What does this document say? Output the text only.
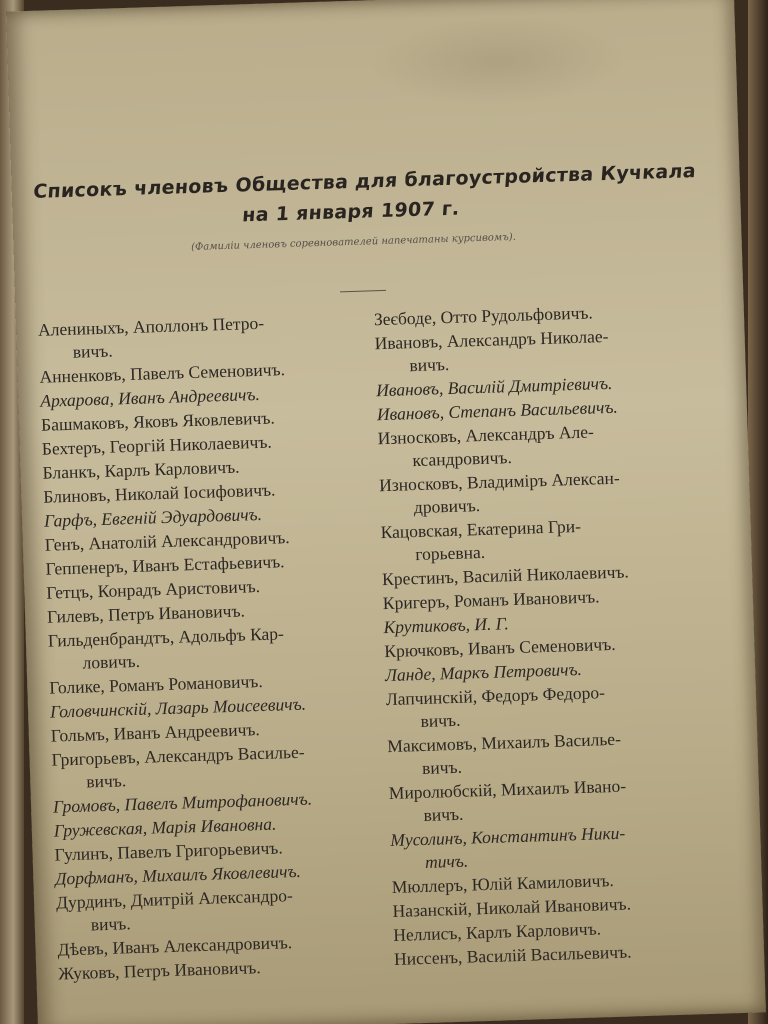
Списокъ членовъ Общества для благоустройства Кучкала
на 1 января 1907 г.
(Фамилiи членовъ соревнователей напечатаны курсивомъ).
Алениныхъ, Аполлонъ Петро-
вичъ.
Анненковъ, Павелъ Семеновичъ.
Архарова, Иванъ Андреевичъ.
Башмаковъ, Яковъ Яковлевичъ.
Бехтеръ, Георгiй Николаевичъ.
Бланкъ, Карлъ Карловичъ.
Блиновъ, Николай Iосифовичъ.
Гарфъ, Евгенiй Эдуардовичъ.
Генъ, Анатолiй Александровичъ.
Геппенеръ, Иванъ Естафьевичъ.
Гетцъ, Конрадъ Аристовичъ.
Гилевъ, Петръ Ивановичъ.
Гильденбрандтъ, Адольфъ Кар-
ловичъ.
Голике, Романъ Романовичъ.
Головчинскiй, Лазарь Моисеевичъ.
Гольмъ, Иванъ Андреевичъ.
Григорьевъ, Александръ Василье-
вичъ.
Громовъ, Павелъ Митрофановичъ.
Гружевская, Марiя Ивановна.
Гулинъ, Павелъ Григорьевичъ.
Дорфманъ, Михаилъ Яковлевичъ.
Дурдинъ, Дмитрiй Александро-
вичъ.
Дѣевъ, Иванъ Александровичъ.
Жуковъ, Петръ Ивановичъ.
Зеєбоде, Отто Рудольфовичъ.
Ивановъ, Александръ Николае-
вичъ.
Ивановъ, Василiй Дмитрiевичъ.
Ивановъ, Степанъ Васильевичъ.
Износковъ, Александръ Але-
ксандровичъ.
Износковъ, Владимiръ Алексан-
дровичъ.
Кацовская, Екатерина Гри-
горьевна.
Крестинъ, Василiй Николаевичъ.
Кригеръ, Романъ Ивановичъ.
Крутиковъ, И. Г.
Крючковъ, Иванъ Семеновичъ.
Ланде, Маркъ Петровичъ.
Лапчинскiй, Федоръ Федоро-
вичъ.
Максимовъ, Михаилъ Василье-
вичъ.
Миролюбскiй, Михаилъ Ивано-
вичъ.
Мусолинъ, Константинъ Ники-
тичъ.
Мюллеръ, Юлiй Камиловичъ.
Назанскiй, Николай Ивановичъ.
Неллисъ, Карлъ Карловичъ.
Ниссенъ, Василiй Васильевичъ.
